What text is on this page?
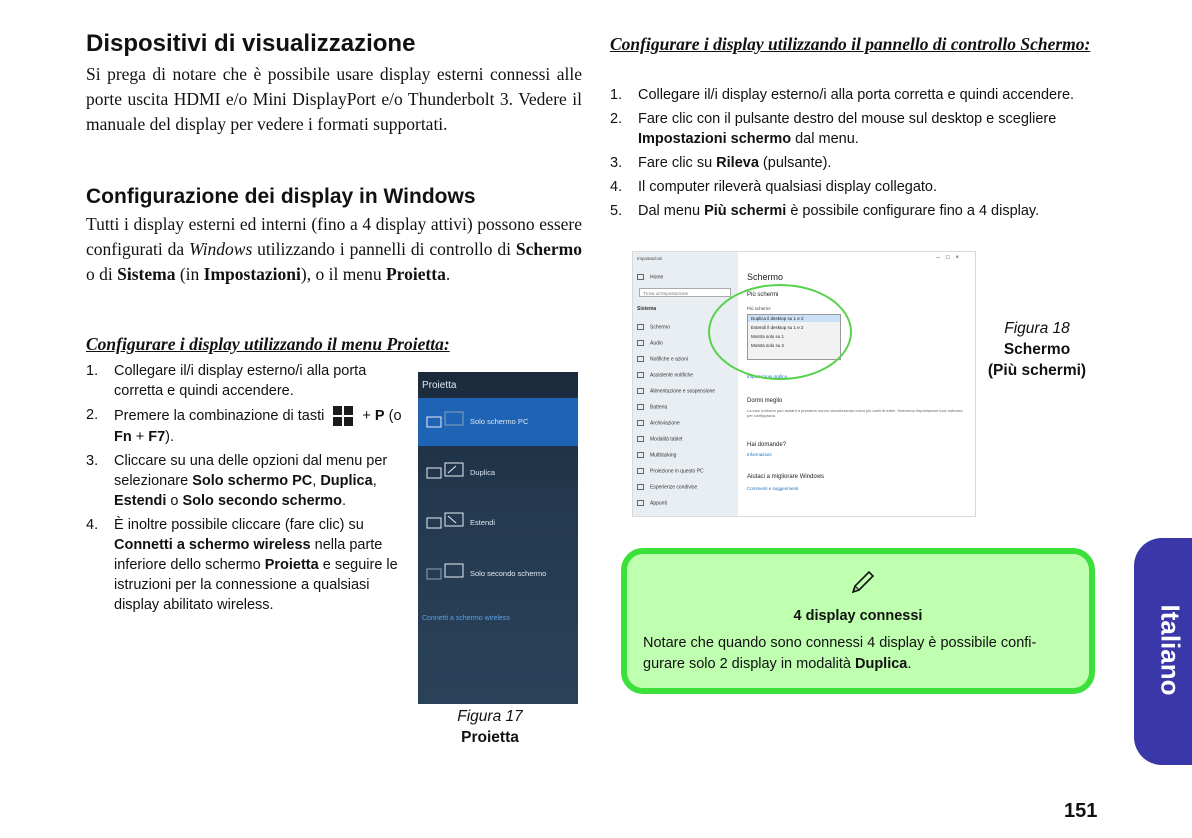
Dispositivi di visualizzazione
Si prega di notare che è possibile usare display esterni connessi alle porte uscita HDMI e/o Mini DisplayPort e/o Thunderbolt 3. Vedere il manuale del display per vedere i formati supportati.
Configurazione dei display in Windows
Tutti i display esterni ed interni (fino a 4 display attivi) possono essere configurati da Windows utilizzando i pannelli di controllo di Schermo o di Sistema (in Impostazioni), o il menu Proietta.
Configurare i display utilizzando il menu Proietta:
1. Collegare il/i display esterno/i alla porta corretta e quindi accendere.
2. Premere la combinazione di tasti  + P (o Fn + F7).
3. Cliccare su una delle opzioni dal menu per selezionare Solo schermo PC, Duplica, Estendi o Solo secondo schermo.
4. È inoltre possibile cliccare (fare clic) su Connetti a schermo wireless nella parte inferiore dello schermo Proietta e seguire le istruzioni per la connessione a qualsiasi display abilitato wireless.
Proietta
Solo schermo PC
Duplica
Estendi
Solo secondo schermo
Connetti a schermo wireless
Figura 17
Proietta
Configurare i display utilizzando il pannello di controllo Schermo:
1. Collegare il/i display esterno/i alla porta corretta e quindi accendere.
2. Fare clic con il pulsante destro del mouse sul desktop e scegliere Impostazioni schermo dal menu.
3. Fare clic su Rileva (pulsante).
4. Il computer rileverà qualsiasi display collegato.
5. Dal menu Più schermi è possibile configurare fino a 4 display.
Impostazioni
Home
Trova un'impostazione
Sistema
Schermo
Audio
Notifiche e azioni
Assistente notifiche
Alimentazione e sospensione
Batteria
Archiviazione
Modalità tablet
Multitasking
Proiezione in questo PC
Esperienze condivise
Appunti
–□×
Schermo
Più schermi
Più schermi
Duplica il desktop su 1 e 2
Estendi il desktop su 1 e 2
Mostra solo su 1
Mostra solo su 2
Impostazioni grafica
Dormi meglio
La luce notturna può aiutarti a prendere sonno visualizzando colori più caldi di notte. Seleziona Impostazioni luce notturna per configurarla.
Hai domande?
Informazioni
Aiutaci a migliorare Windows
Commenti e suggerimenti
Figura 18
Schermo
(Più schermi)
4 display connessi
Notare che quando sono connessi 4 display è possibile confi-gurare solo 2 display in modalità Duplica.	Italiano
151
